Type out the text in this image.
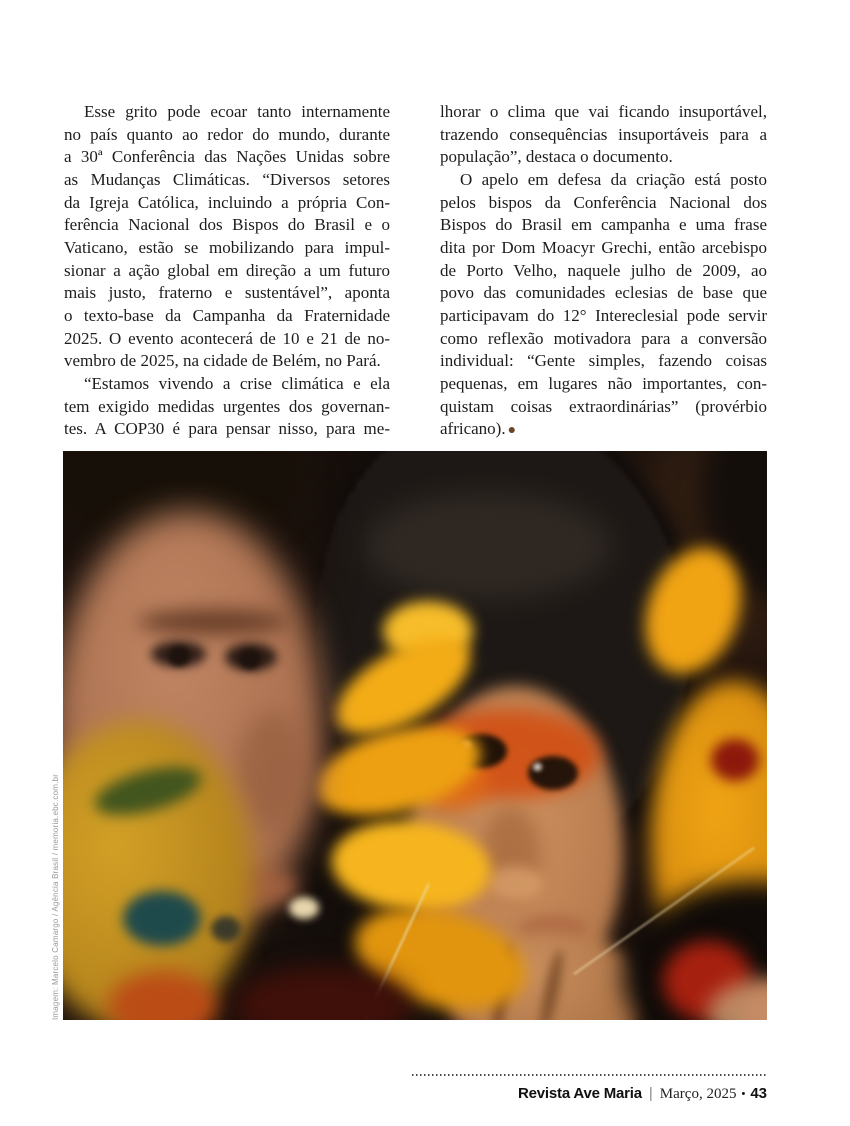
Esse grito pode ecoar tanto internamente
no país quanto ao redor do mundo, durante
a 30ª Conferência das Nações Unidas sobre
as Mudanças Climáticas. “Diversos setores
da Igreja Católica, incluindo a própria Con-
ferência Nacional dos Bispos do Brasil e o
Vaticano, estão se mobilizando para impul-
sionar a ação global em direção a um futuro
mais justo, fraterno e sustentável”, aponta
o texto-base da Campanha da Fraternidade
2025. O evento acontecerá de 10 e 21 de no-
vembro de 2025, na cidade de Belém, no Pará.
“Estamos vivendo a crise climática e ela
tem exigido medidas urgentes dos governan-
tes. A COP30 é para pensar nisso, para me-
lhorar o clima que vai ficando insuportável,
trazendo consequências insuportáveis para a
população”, destaca o documento.
O apelo em defesa da criação está posto
pelos bispos da Conferência Nacional dos
Bispos do Brasil em campanha e uma frase
dita por Dom Moacyr Grechi, então arcebispo
de Porto Velho, naquele julho de 2009, ao
povo das comunidades eclesias de base que
participavam do 12° Intereclesial pode servir
como reflexão motivadora para a conversão
individual: “Gente simples, fazendo coisas
pequenas, em lugares não importantes, con-
quistam coisas extraordinárias” (provérbio
africano). ●
Imagem: Marcelo Camargo / Agência Brasil / memoria.ebc.com.br
Revista Ave Maria | Março, 2025 • 43
